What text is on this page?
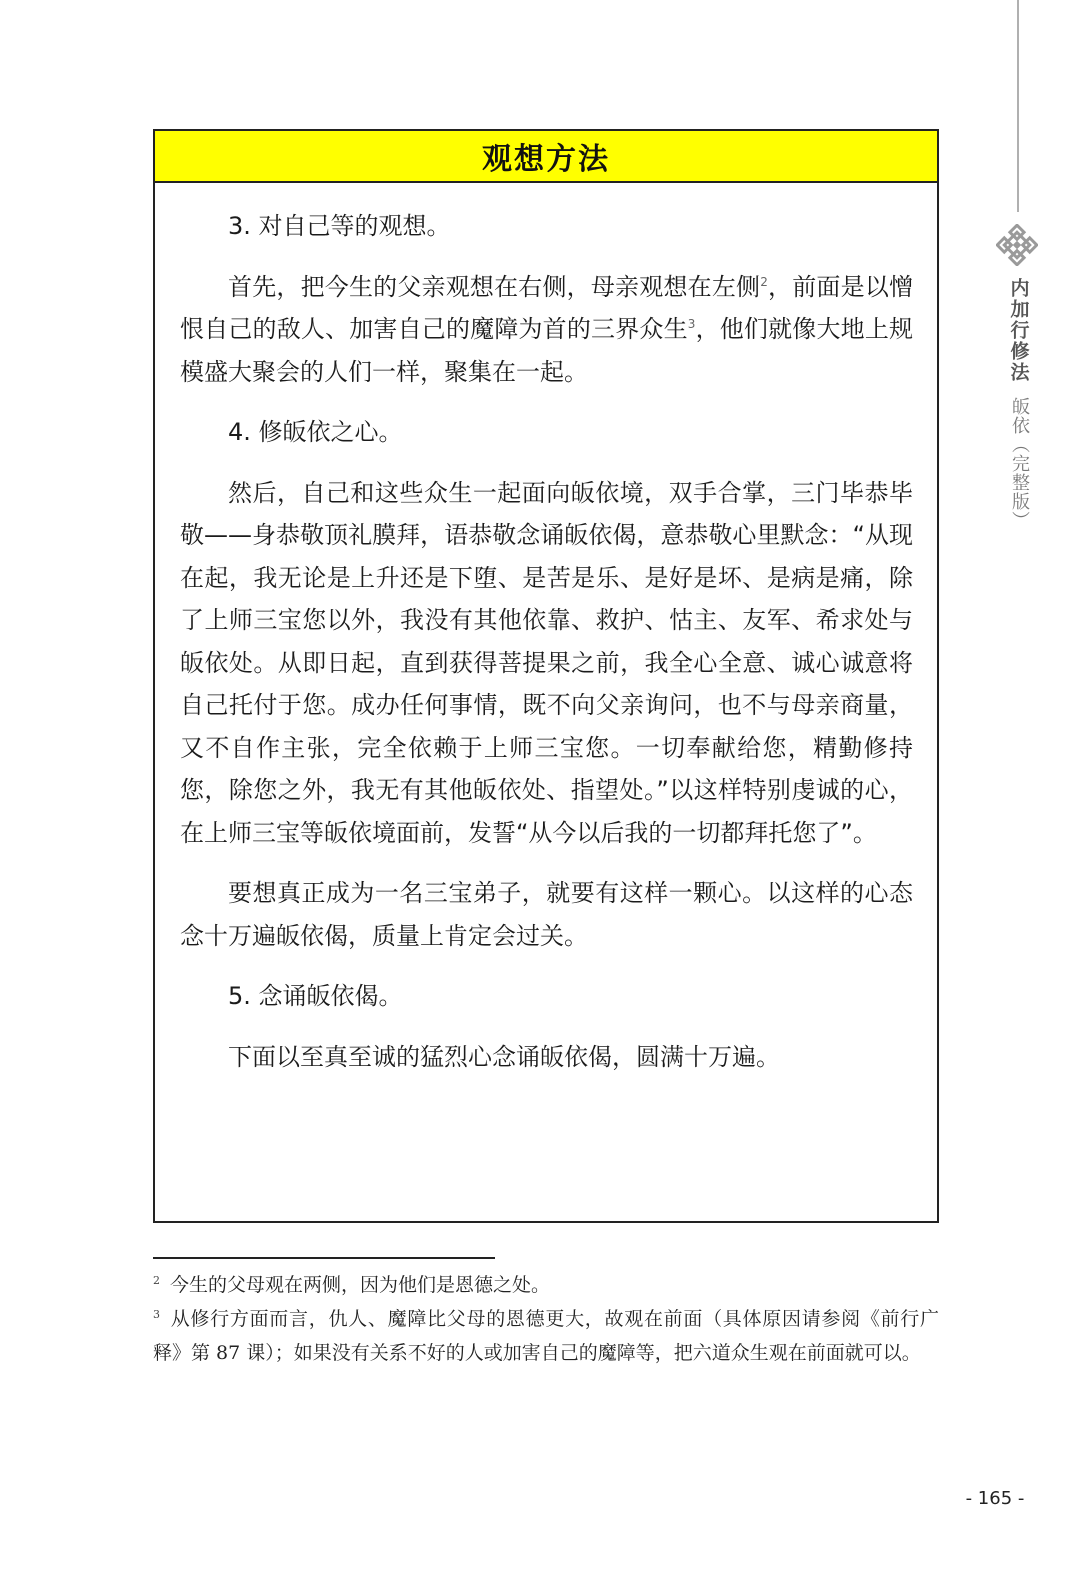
内加行修法
皈依（完整版）
观想方法

3. 对自己等的观想。

首先，把今生的父亲观想在右侧，母亲观想在左侧$^2$，前面是以憎恨自己的敌人、加害自己的魔障为首的三界众生$^3$，他们就像大地上规模盛大聚会的人们一样，聚集在一起。

4. 修皈依之心。

然后，自己和这些众生一起面向皈依境，双手合掌，三门毕恭毕敬——身恭敬顶礼膜拜，语恭敬念诵皈依偈，意恭敬心里默念：“从现在起，我无论是上升还是下堕、是苦是乐、是好是坏、是病是痛，除了上师三宝您以外，我没有其他依靠、救护、怙主、友军、希求处与皈依处。从即日起，直到获得菩提果之前，我全心全意、诚心诚意将自己托付于您。成办任何事情，既不向父亲询问，也不与母亲商量，又不自作主张，完全依赖于上师三宝您。一切奉献给您，精勤修持您，除您之外，我无有其他皈依处、指望处。”以这样特别虔诚的心，在上师三宝等皈依境面前，发誓“从今以后我的一切都拜托您了”。

要想真正成为一名三宝弟子，就要有这样一颗心。以这样的心态念十万遍皈依偈，质量上肯定会过关。

5. 念诵皈依偈。

下面以至真至诚的猛烈心念诵皈依偈，圆满十万遍。

$^2$ 今生的父母观在两侧，因为他们是恩德之处。
$^3$ 从修行方面而言，仇人、魔障比父母的恩德更大，故观在前面（具体原因请参阅《前行广释》第 87 课）；如果没有关系不好的人或加害自己的魔障等，把六道众生观在前面就可以。
- 165 -
